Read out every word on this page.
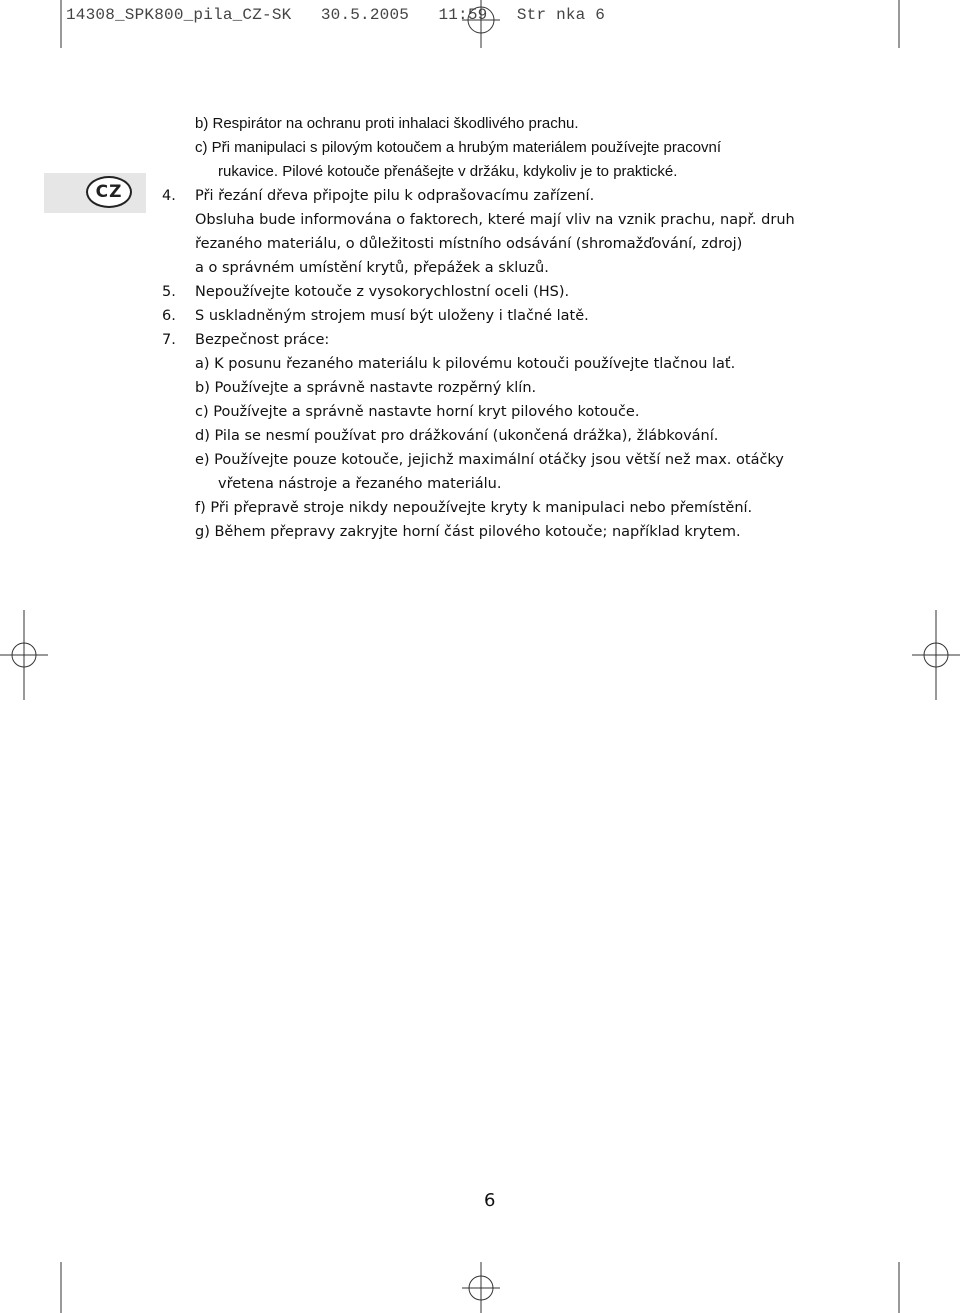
14308_SPK800_pila_CZ-SK   30.5.2005   11:59   Str nka 6
CZ
b) Respirátor na ochranu proti inhalaci škodlivého prachu.
c) Při manipulaci s pilovým kotoučem a hrubým materiálem používejte pracovní
rukavice. Pilové kotouče přenášejte v držáku, kdykoliv je to praktické.
4. Při řezání dřeva připojte pilu k odprašovacímu zařízení.
Obsluha bude informována o faktorech, které mají vliv na vznik prachu, např. druh
řezaného materiálu, o důležitosti místního odsávání (shromažďování, zdroj)
a o správném umístění krytů, přepážek a skluzů.
5. Nepoužívejte kotouče z vysokorychlostní oceli (HS).
6. S uskladněným strojem musí být uloženy i tlačné latě.
7. Bezpečnost práce:
a) K posunu řezaného materiálu k pilovému kotouči používejte tlačnou lať.
b) Používejte a správně nastavte rozpěrný klín.
c) Používejte a správně nastavte horní kryt pilového kotouče.
d) Pila se nesmí používat pro drážkování (ukončená drážka), žlábkování.
e) Používejte pouze kotouče, jejichž maximální otáčky jsou větší než max. otáčky
vřetena nástroje a řezaného materiálu.
f) Při přepravě stroje nikdy nepoužívejte kryty k manipulaci nebo přemístění.
g) Během přepravy zakryjte horní část pilového kotouče; například krytem.
6
